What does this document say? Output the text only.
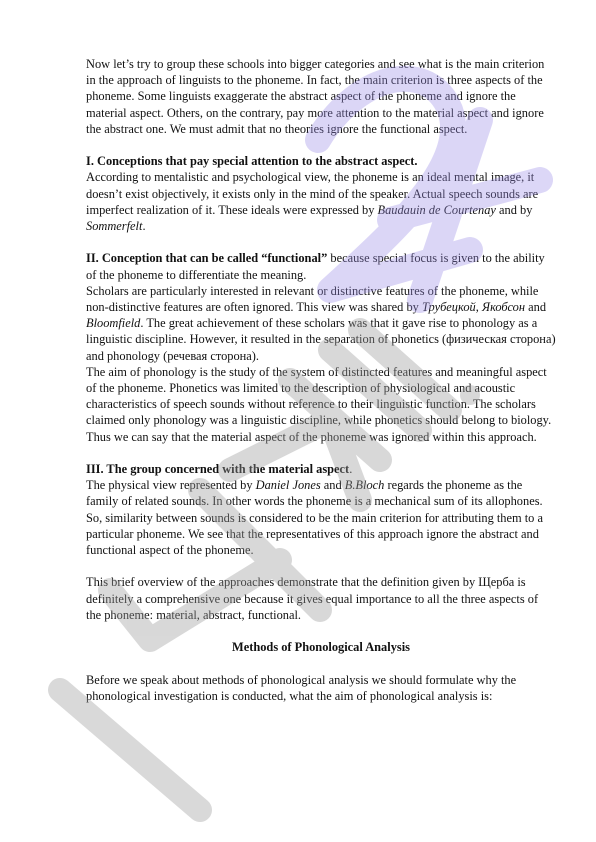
Now let’s try to group these schools into bigger categories and see what is the main criterion in the approach of linguists to the phoneme. In fact, the main criterion is three aspects of the phoneme. Some linguists exaggerate the abstract aspect of the phoneme and ignore the material aspect. Others, on the contrary, pay more attention to the material aspect and ignore the abstract one. We must admit that no theories ignore the functional aspect.

I. Conceptions that pay special attention to the abstract aspect.

According to mentalistic and psychological view, the phoneme is an ideal mental image, it doesn’t exist objectively, it exists only in the mind of the speaker. Actual speech sounds are imperfect realization of it. These ideals were expressed by Baudauin de Courtenay and by Sommerfelt.

II. Conception that can be called “functional” because special focus is given to the ability of the phoneme to differentiate the meaning.

Scholars are particularly interested in relevant or distinctive features of the phoneme, while non-distinctive features are often ignored. This view was shared by Трубецкой, Якобсон and Bloomfield. The great achievement of these scholars was that it gave rise to phonology as a linguistic discipline. However, it resulted in the separation of phonetics (физическая сторона) and phonology (речевая сторона).

The aim of phonology is the study of the system of distincted features and meaningful aspect of the phoneme. Phonetics was limited to the description of physiological and acoustic characteristics of speech sounds without reference to their linguistic function. The scholars claimed only phonology was a linguistic discipline, while phonetics should belong to biology. Thus we can say that the material aspect of the phoneme was ignored within this approach.

III. The group concerned with the material aspect.

The physical view represented by Daniel Jones and B.Bloch regards the phoneme as the family of related sounds. In other words the phoneme is a mechanical sum of its allophones. So, similarity between sounds is considered to be the main criterion for attributing them to a particular phoneme. We see that the representatives of this approach ignore the abstract and functional aspect of the phoneme.

This brief overview of the approaches demonstrate that the definition given by Щерба is definitely a comprehensive one because it gives equal importance to all the three aspects of the phoneme: material, abstract, functional.

Methods of Phonological Analysis

Before we speak about methods of phonological analysis we should formulate why the phonological investigation is conducted, what the aim of phonological analysis is:
